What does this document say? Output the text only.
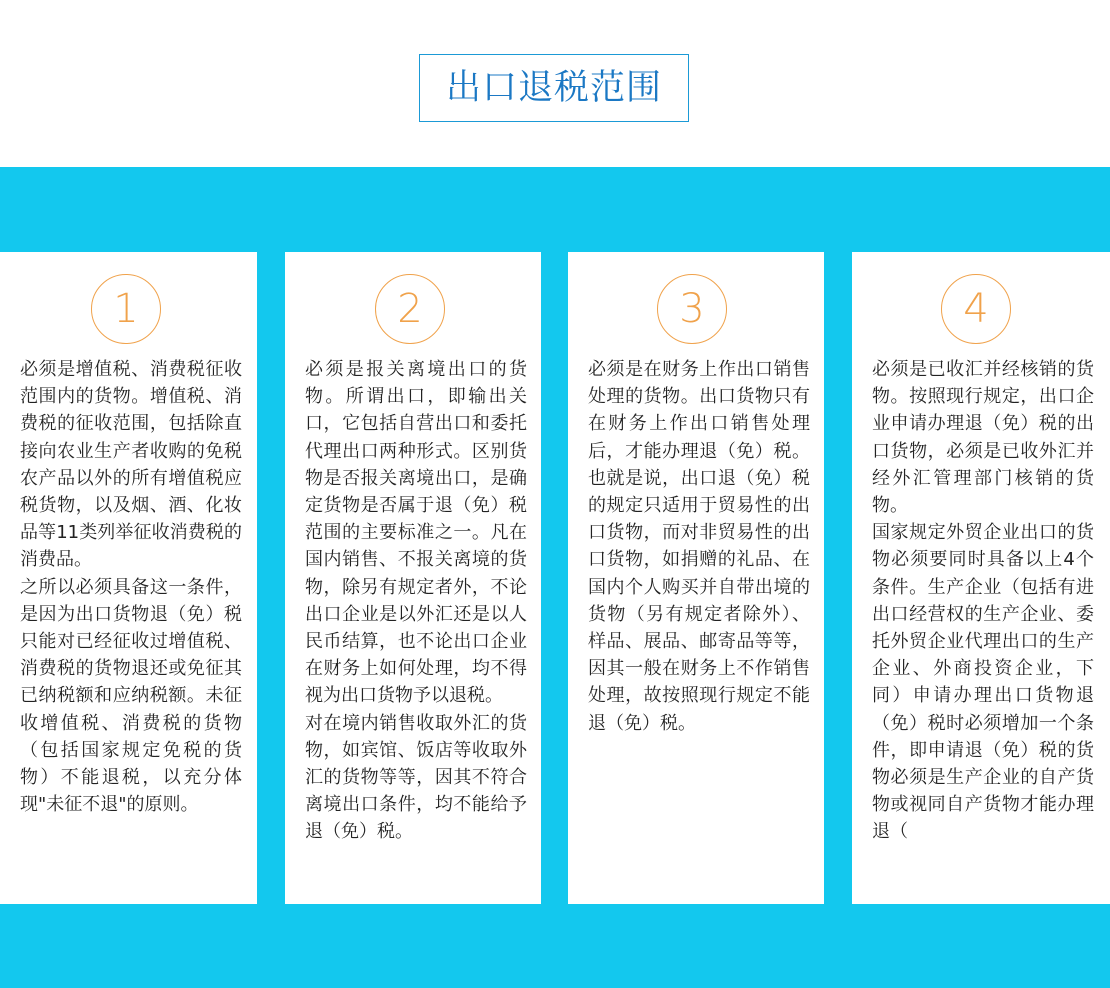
出口退税范围
1

必须是增值税、消费税征收范围内的货物。增值税、消费税的征收范围，包括除直接向农业生产者收购的免税农产品以外的所有增值税应税货物，以及烟、酒、化妆品等11类列举征收消费税的消费品。

之所以必须具备这一条件，是因为出口货物退（免）税只能对已经征收过增值税、消费税的货物退还或免征其已纳税额和应纳税额。未征收增值税、消费税的货物（包括国家规定免税的货物）不能退税，以充分体现"未征不退"的原则。

2

必须是报关离境出口的货物。所谓出口，即输出关口，它包括自营出口和委托代理出口两种形式。区别货物是否报关离境出口，是确定货物是否属于退（免）税范围的主要标准之一。凡在国内销售、不报关离境的货物，除另有规定者外，不论出口企业是以外汇还是以人民币结算，也不论出口企业在财务上如何处理，均不得视为出口货物予以退税。

对在境内销售收取外汇的货物，如宾馆、饭店等收取外汇的货物等等，因其不符合离境出口条件，均不能给予退（免）税。

3

必须是在财务上作出口销售处理的货物。出口货物只有在财务上作出口销售处理后，才能办理退（免）税。也就是说，出口退（免）税的规定只适用于贸易性的出口货物，而对非贸易性的出口货物，如捐赠的礼品、在国内个人购买并自带出境的货物（另有规定者除外）、样品、展品、邮寄品等等，因其一般在财务上不作销售处理，故按照现行规定不能退（免）税。

4

必须是已收汇并经核销的货物。按照现行规定，出口企业申请办理退（免）税的出口货物，必须是已收外汇并经外汇管理部门核销的货物。

国家规定外贸企业出口的货物必须要同时具备以上4个条件。生产企业（包括有进出口经营权的生产企业、委托外贸企业代理出口的生产企业、外商投资企业，下同）申请办理出口货物退（免）税时必须增加一个条件，即申请退（免）税的货物必须是生产企业的自产货物或视同自产货物才能办理退（
